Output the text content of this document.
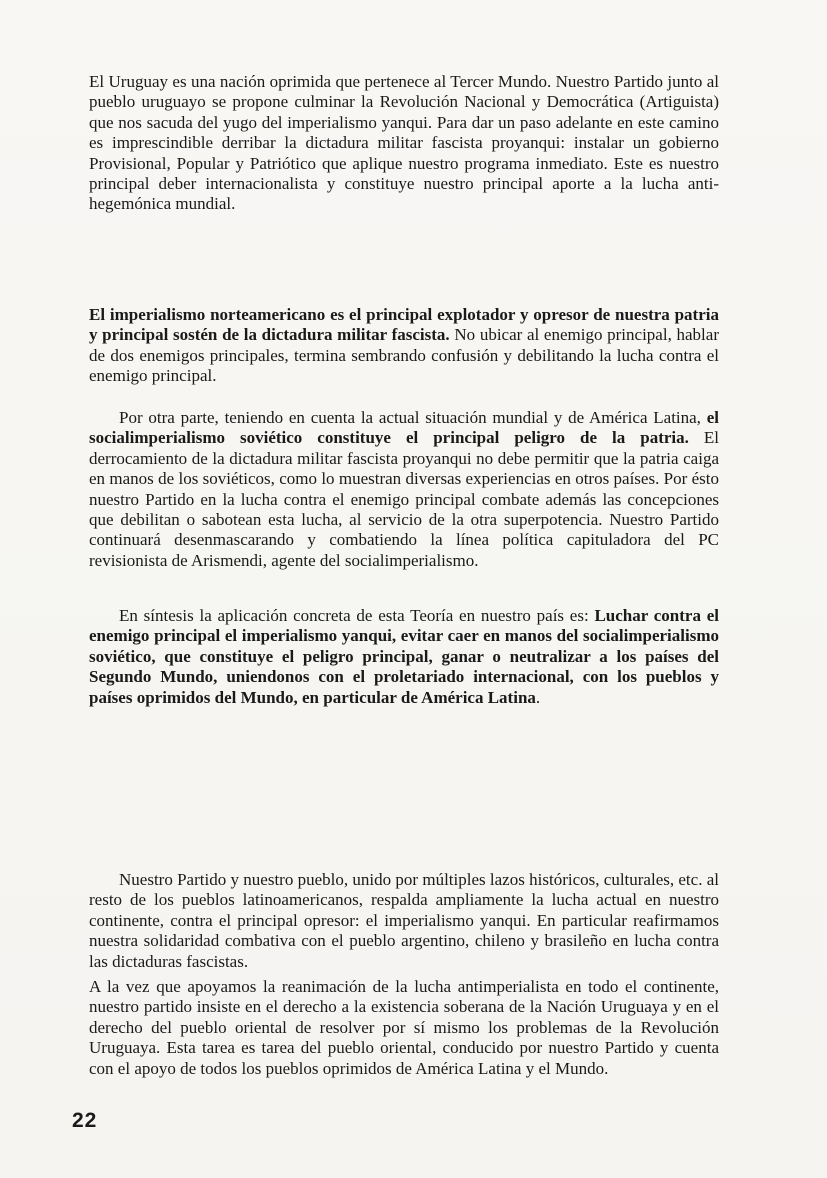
El Uruguay es una nación oprimida que pertenece al Tercer Mundo. Nuestro Partido junto al pueblo uruguayo se propone culminar la Revolución Nacional y Democrática (Artiguista) que nos sacuda del yugo del imperialismo yanqui. Para dar un paso adelante en este camino es imprescindible derribar la dictadura militar fascista proyanqui: instalar un gobierno Provisional, Popular y Patriótico que aplique nuestro programa inmediato. Este es nuestro principal deber internacionalista y constituye nuestro principal aporte a la lucha anti-hegemónica mundial.

El imperialismo norteamericano es el principal explotador y opresor de nuestra patria y principal sostén de la dictadura militar fascista. No ubicar al enemigo principal, hablar de dos enemigos principales, termina sembrando confusión y debilitando la lucha contra el enemigo principal.

Por otra parte, teniendo en cuenta la actual situación mundial y de América Latina, el socialimperialismo soviético constituye el principal peligro de la patria. El derrocamiento de la dictadura militar fascista proyanqui no debe permitir que la patria caiga en manos de los soviéticos, como lo muestran diversas experiencias en otros países. Por ésto nuestro Partido en la lucha contra el enemigo principal combate además las concepciones que debilitan o sabotean esta lucha, al servicio de la otra superpotencia. Nuestro Partido continuará desenmascarando y combatiendo la línea política capituladora del PC revisionista de Arismendi, agente del socialimperialismo.

En síntesis la aplicación concreta de esta Teoría en nuestro país es: Luchar contra el enemigo principal el imperialismo yanqui, evitar caer en manos del socialimperialismo soviético, que constituye el peligro principal, ganar o neutralizar a los países del Segundo Mundo, uniendonos con el proletariado internacional, con los pueblos y países oprimidos del Mundo, en particular de América Latina.

Nuestro Partido y nuestro pueblo, unido por múltiples lazos históricos, culturales, etc. al resto de los pueblos latinoamericanos, respalda ampliamente la lucha actual en nuestro continente, contra el principal opresor: el imperialismo yanqui. En particular reafirmamos nuestra solidaridad combativa con el pueblo argentino, chileno y brasileño en lucha contra las dictaduras fascistas.

A la vez que apoyamos la reanimación de la lucha antimperialista en todo el continente, nuestro partido insiste en el derecho a la existencia soberana de la Nación Uruguaya y en el derecho del pueblo oriental de resolver por sí mismo los problemas de la Revolución Uruguaya. Esta tarea es tarea del pueblo oriental, conducido por nuestro Partido y cuenta con el apoyo de todos los pueblos oprimidos de América Latina y el Mundo.

22
